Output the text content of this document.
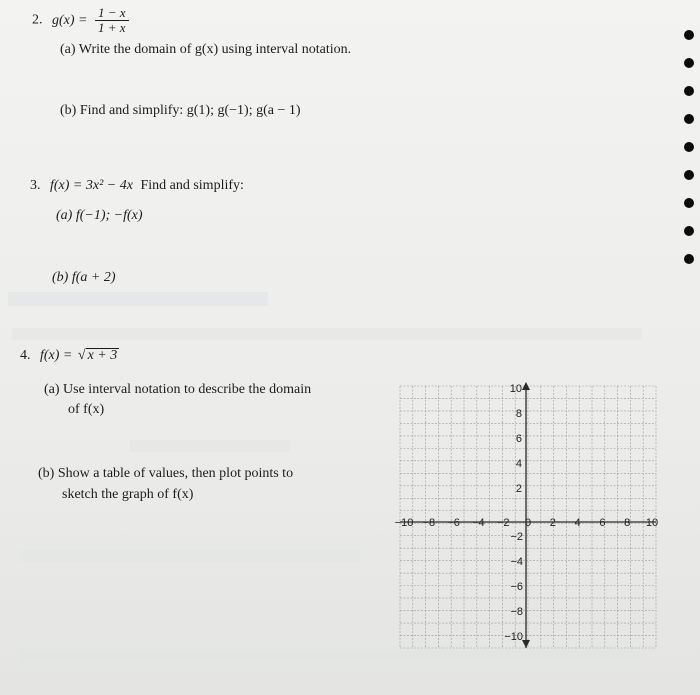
2. $g(x) = \frac{1 - x}{1 + x}$
(a) Write the domain of g(x) using interval notation.
(b) Find and simplify: g(1); g(−1); g(a − 1)
3. f(x) = 3x² − 4x Find and simplify:
(a) f(−1); −f(x)
(b) f(a + 2)
4. f(x) = √ x + 3
(a) Use interval notation to describe the domain
of f(x)
(b) Show a table of values, then plot points to
sketch the graph of f(x)
−10 −8 −6 −4 −2 0 2 4 6 8 10
10
8
6
4
2
−2
−4
−6
−8
−10
